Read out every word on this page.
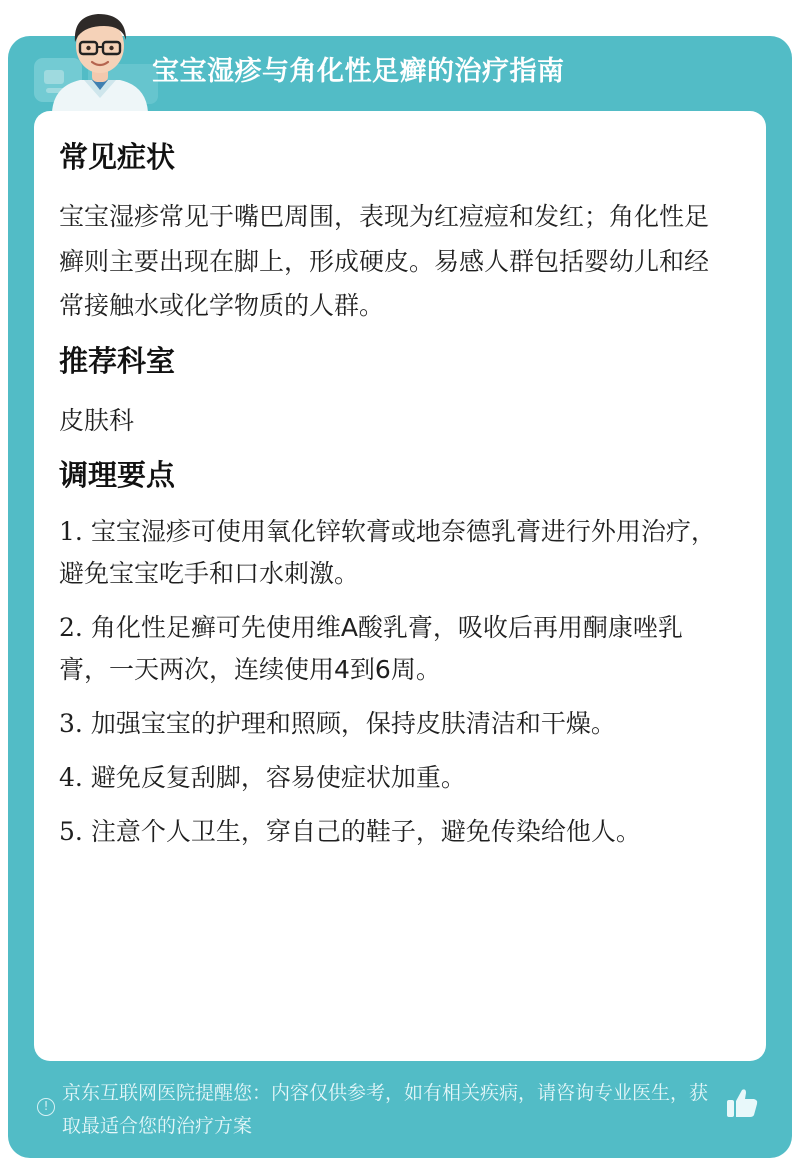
宝宝湿疹与角化性足癣的治疗指南
常见症状

宝宝湿疹常见于嘴巴周围，表现为红痘痘和发红；角化性足癣则主要出现在脚上，形成硬皮。易感人群包括婴幼儿和经常接触水或化学物质的人群。

推荐科室

皮肤科

调理要点
1. 宝宝湿疹可使用氧化锌软膏或地奈德乳膏进行外用治疗，避免宝宝吃手和口水刺激。
2. 角化性足癣可先使用维A酸乳膏，吸收后再用酮康唑乳膏，一天两次，连续使用4到6周。
3. 加强宝宝的护理和照顾，保持皮肤清洁和干燥。
4. 避免反复刮脚，容易使症状加重。
5. 注意个人卫生，穿自己的鞋子，避免传染给他人。
!
京东互联网医院提醒您：内容仅供参考，如有相关疾病，请咨询专业医生，获取最适合您的治疗方案
